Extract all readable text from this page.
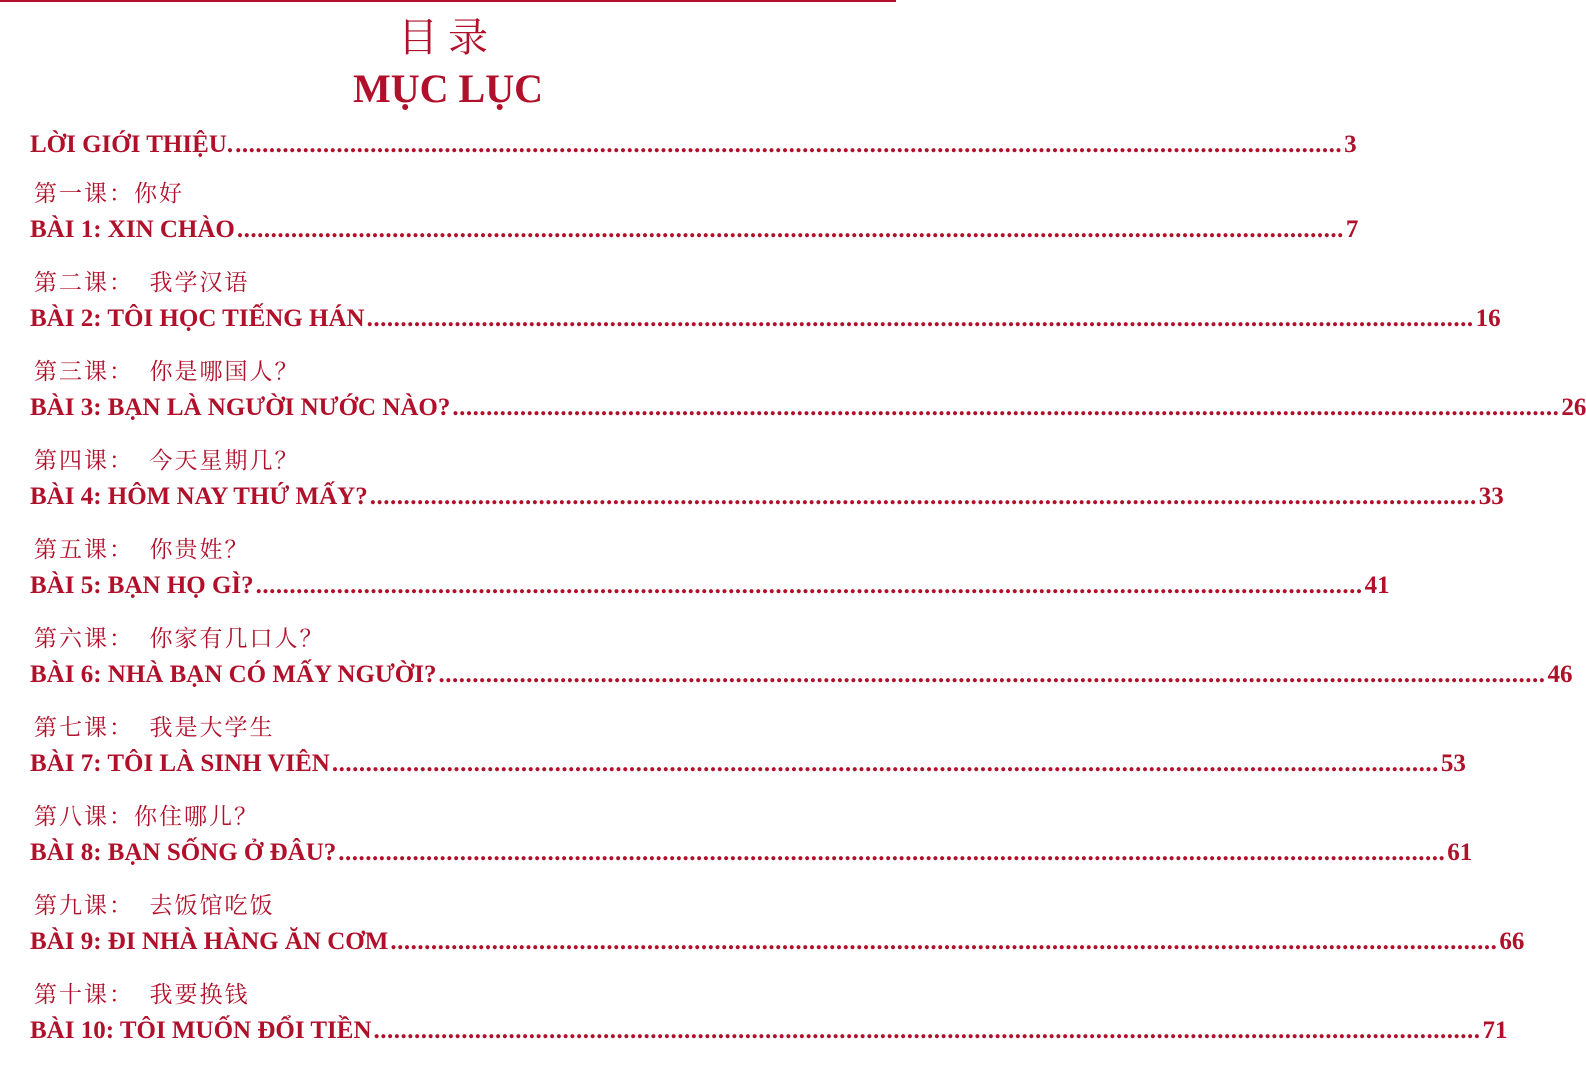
目录
MỤC LỤC
LỜI GIỚI THIỆU. .................................................................................................................................................................... 3
第一课：你好
BÀI 1: XIN CHÀO .................................................................................................................................................................... 7
第二课：  我学汉语
BÀI 2: TÔI HỌC TIẾNG HÁN .................................................................................................................................................................... 16
第三课：  你是哪国人？
BÀI 3: BẠN LÀ NGƯỜI NƯỚC NÀO? .................................................................................................................................................................... 26
第四课：  今天星期几？
BÀI 4: HÔM NAY THỨ MẤY? .................................................................................................................................................................... 33
第五课：  你贵姓？
BÀI 5: BẠN HỌ GÌ? .................................................................................................................................................................... 41
第六课：  你家有几口人？
BÀI 6: NHÀ BẠN CÓ MẤY NGƯỜI? .................................................................................................................................................................... 46
第七课：  我是大学生
BÀI 7: TÔI LÀ SINH VIÊN .................................................................................................................................................................... 53
第八课：你住哪儿？
BÀI 8: BẠN SỐNG Ở ĐÂU? .................................................................................................................................................................... 61
第九课：  去饭馆吃饭
BÀI 9: ĐI NHÀ HÀNG ĂN CƠM .................................................................................................................................................................... 66
第十课：  我要换钱
BÀI 10: TÔI MUỐN ĐỔI TIỀN .................................................................................................................................................................... 71
